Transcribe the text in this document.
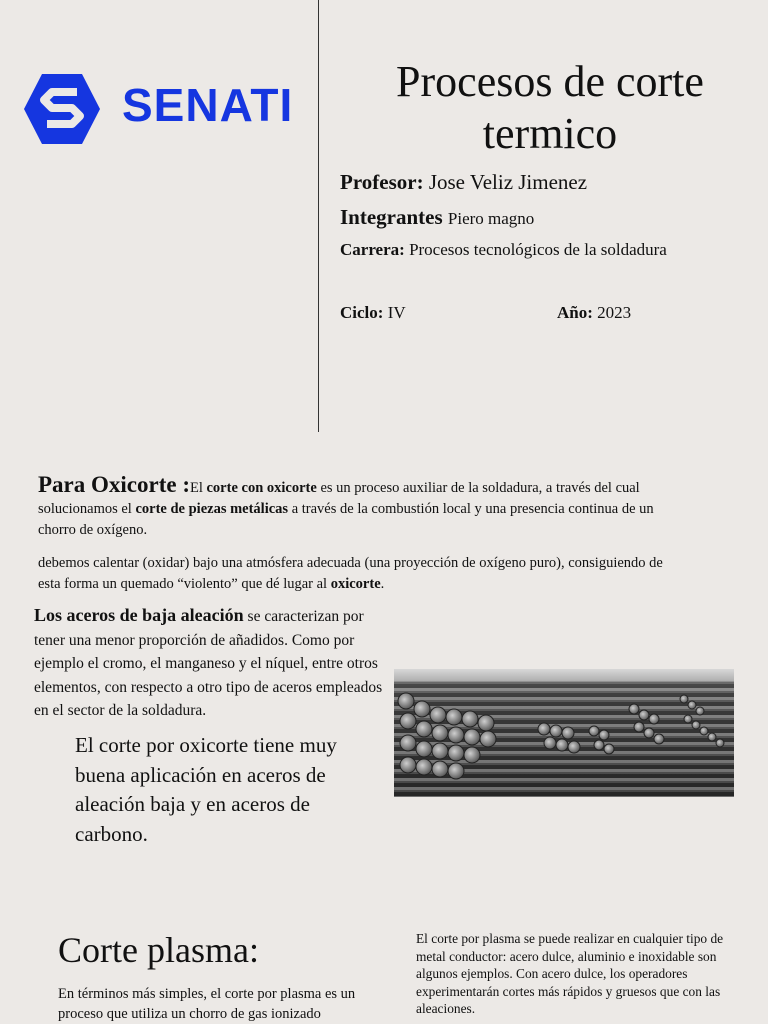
SENATI	Procesos de corte
termico
Profesor: Jose Veliz Jimenez
Integrantes Piero magno
Carrera: Procesos tecnológicos de la soldadura
Ciclo: IV	Año: 2023
Para Oxicorte :El corte con oxicorte es un proceso auxiliar de la soldadura, a través del cual solucionamos el corte de piezas metálicas a través de la combustión local y una presencia continua de un chorro de oxígeno.
debemos calentar (oxidar) bajo una atmósfera adecuada (una proyección de oxígeno puro), consiguiendo de esta forma un quemado “violento” que dé lugar al oxicorte.
Los aceros de baja aleación se caracterizan por tener una menor proporción de añadidos. Como por ejemplo el cromo, el manganeso y el níquel, entre otros elementos, con respecto a otro tipo de aceros empleados en el sector de la soldadura.
El corte por oxicorte tiene muy buena aplicación en aceros de aleación baja y en aceros de carbono.
Corte plasma:
En términos más simples, el corte por plasma es un proceso que utiliza un chorro de gas ionizado
El corte por plasma se puede realizar en cualquier tipo de metal conductor: acero dulce, aluminio e inoxidable son algunos ejemplos. Con acero dulce, los operadores experimentarán cortes más rápidos y gruesos que con las aleaciones.
